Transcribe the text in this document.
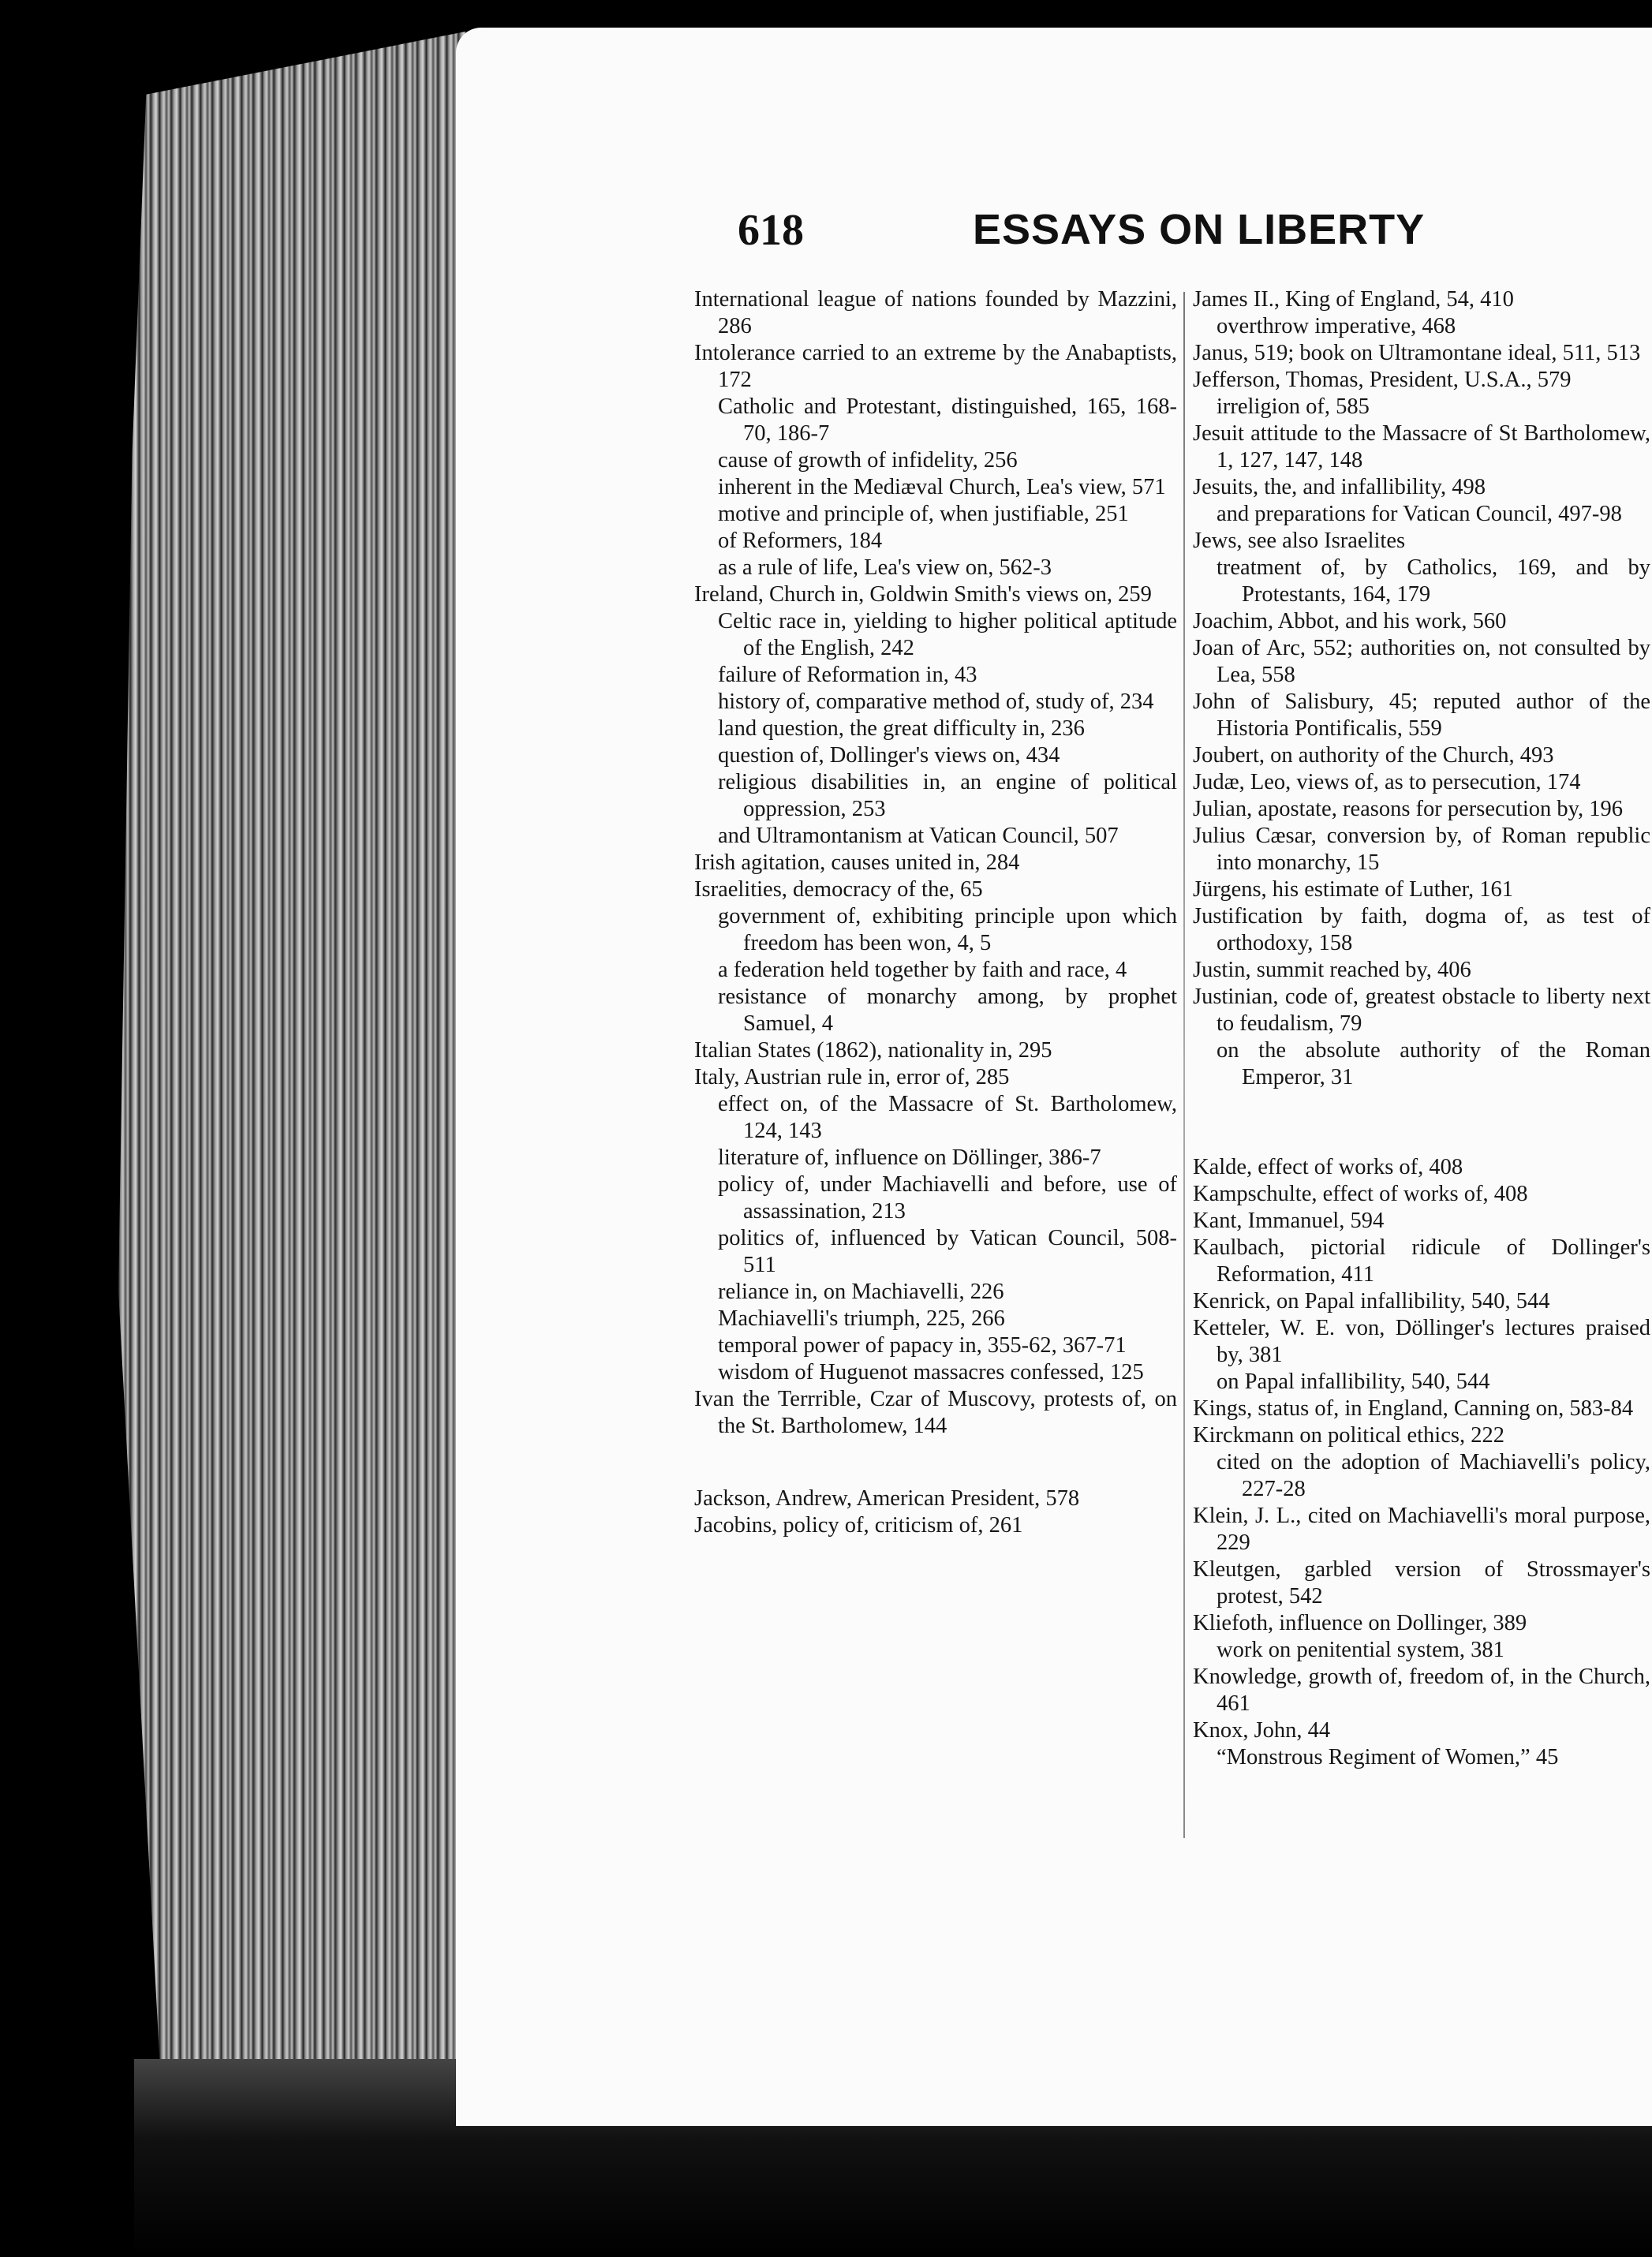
618	ESSAYS ON LIBERTY
International league of nations founded by Mazzini, 286
Intolerance carried to an extreme by the Anabaptists, 172
Catholic and Protestant, distinguished, 165, 168-70, 186-7
cause of growth of infidelity, 256
inherent in the Mediæval Church, Lea's view, 571
motive and principle of, when justifiable, 251
of Reformers, 184
as a rule of life, Lea's view on, 562-3
Ireland, Church in, Goldwin Smith's views on, 259
Celtic race in, yielding to higher political aptitude of the English, 242
failure of Reformation in, 43
history of, comparative method of, study of, 234
land question, the great difficulty in, 236
question of, Dollinger's views on, 434
religious disabilities in, an engine of political oppression, 253
and Ultramontanism at Vatican Council, 507
Irish agitation, causes united in, 284
Israelities, democracy of the, 65
government of, exhibiting principle upon which freedom has been won, 4, 5
a federation held together by faith and race, 4
resistance of monarchy among, by prophet Samuel, 4
Italian States (1862), nationality in, 295
Italy, Austrian rule in, error of, 285
effect on, of the Massacre of St. Bartholomew, 124, 143
literature of, influence on Döllinger, 386-7
policy of, under Machiavelli and before, use of assassination, 213
politics of, influenced by Vatican Council, 508-511
reliance in, on Machiavelli, 226
Machiavelli's triumph, 225, 266
temporal power of papacy in, 355-62, 367-71
wisdom of Huguenot massacres confessed, 125
Ivan the Terrrible, Czar of Muscovy, protests of, on the St. Bartholomew, 144
Jackson, Andrew, American President, 578
Jacobins, policy of, criticism of, 261
James II., King of England, 54, 410
overthrow imperative, 468
Janus, 519; book on Ultramontane ideal, 511, 513
Jefferson, Thomas, President, U.S.A., 579
irreligion of, 585
Jesuit attitude to the Massacre of St Bartholomew, 1, 127, 147, 148
Jesuits, the, and infallibility, 498
and preparations for Vatican Council, 497-98
Jews, see also Israelites
treatment of, by Catholics, 169, and by Protestants, 164, 179
Joachim, Abbot, and his work, 560
Joan of Arc, 552; authorities on, not consulted by Lea, 558
John of Salisbury, 45; reputed author of the Historia Pontificalis, 559
Joubert, on authority of the Church, 493
Judæ, Leo, views of, as to persecution, 174
Julian, apostate, reasons for persecution by, 196
Julius Cæsar, conversion by, of Roman republic into monarchy, 15
Jürgens, his estimate of Luther, 161
Justification by faith, dogma of, as test of orthodoxy, 158
Justin, summit reached by, 406
Justinian, code of, greatest obstacle to liberty next to feudalism, 79
on the absolute authority of the Roman Emperor, 31
Kalde, effect of works of, 408
Kampschulte, effect of works of, 408
Kant, Immanuel, 594
Kaulbach, pictorial ridicule of Dollinger's Reformation, 411
Kenrick, on Papal infallibility, 540, 544
Ketteler, W. E. von, Döllinger's lectures praised by, 381
on Papal infallibility, 540, 544
Kings, status of, in England, Canning on, 583-84
Kirckmann on political ethics, 222
cited on the adoption of Machiavelli's policy, 227-28
Klein, J. L., cited on Machiavelli's moral purpose, 229
Kleutgen, garbled version of Strossmayer's protest, 542
Kliefoth, influence on Dollinger, 389
work on penitential system, 381
Knowledge, growth of, freedom of, in the Church, 461
Knox, John, 44
“Monstrous Regiment of Women,” 45
